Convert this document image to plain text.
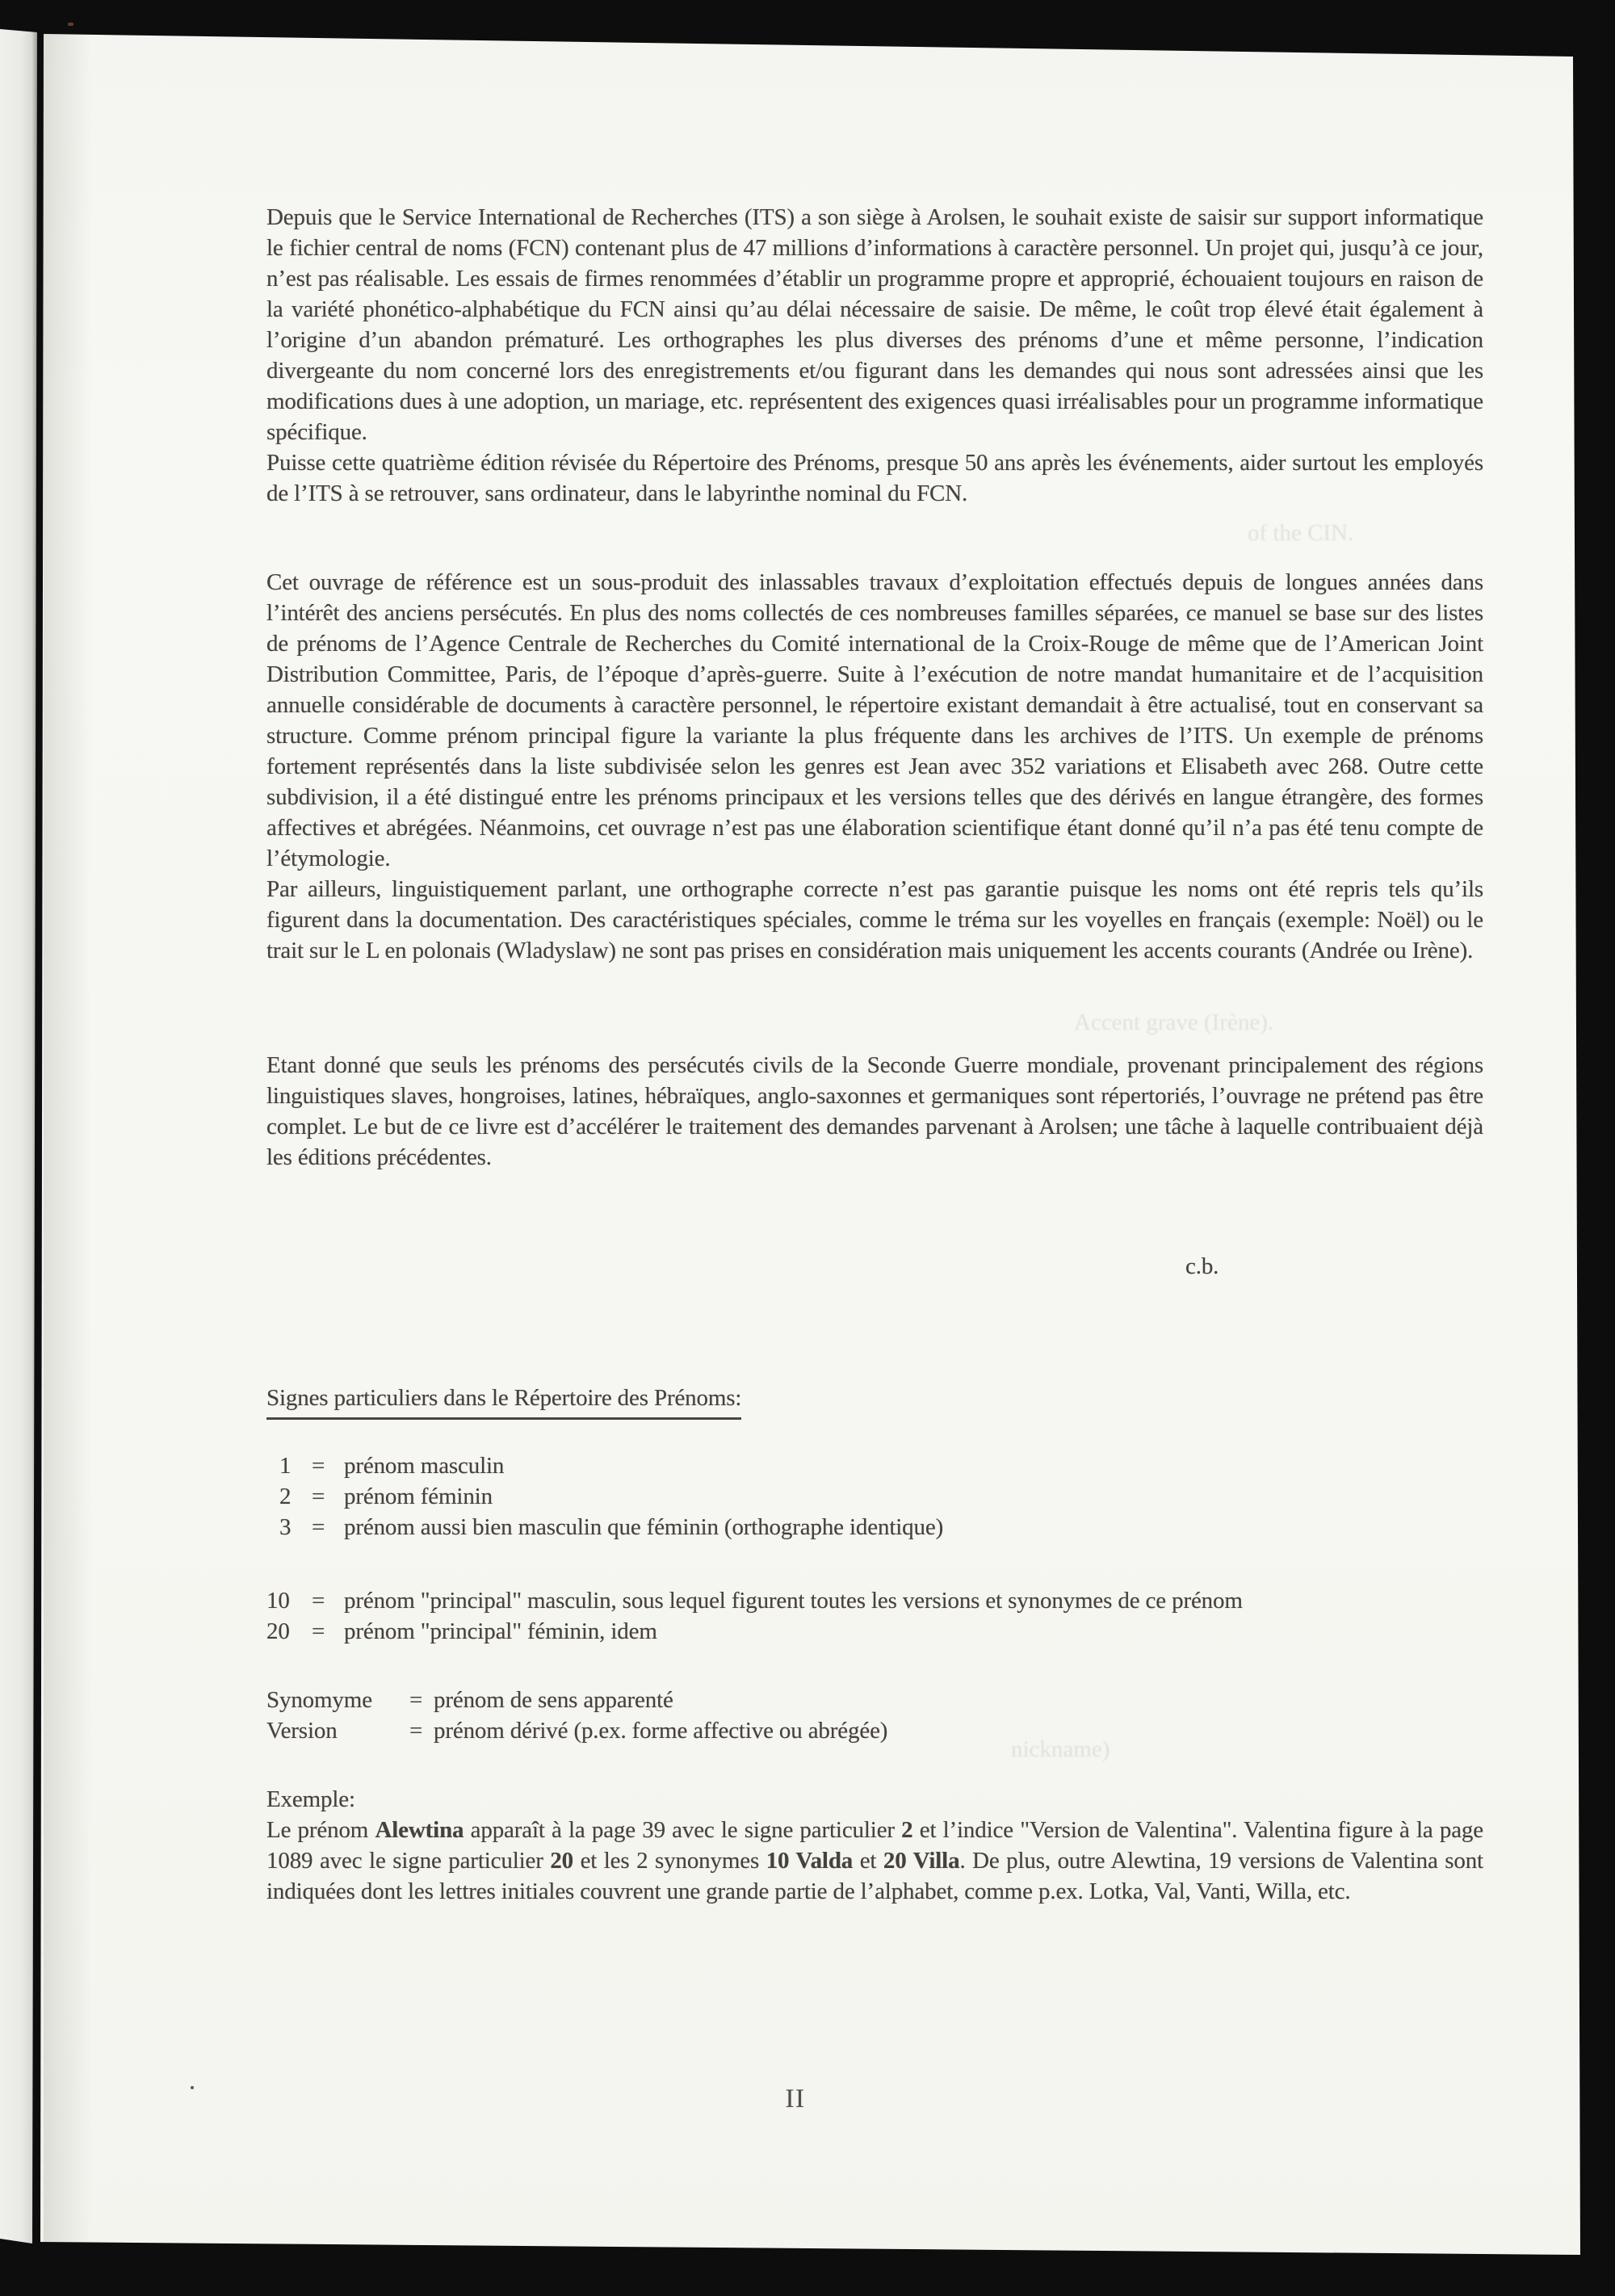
of the CIN.
Accent grave (Irène).
nickname)

Depuis que le Service International de Recherches (ITS) a son siège à Arolsen, le souhait existe de saisir sur support informatique le fichier central de noms (FCN) contenant plus de 47 millions d’informations à caractère personnel. Un projet qui, jusqu’à ce jour, n’est pas réalisable. Les essais de firmes renommées d’établir un programme propre et approprié, échouaient toujours en raison de la variété phonético-alphabétique du FCN ainsi qu’au délai nécessaire de saisie. De même, le coût trop élevé était également à l’origine d’un abandon prématuré. Les orthographes les plus diverses des prénoms d’une et même personne, l’indication divergeante du nom concerné lors des enregistrements et/ou figurant dans les demandes qui nous sont adressées ainsi que les modifications dues à une adoption, un mariage, etc. représentent des exigences quasi irréalisables pour un programme informatique spécifique.

Puisse cette quatrième édition révisée du Répertoire des Prénoms, presque 50 ans après les événements, aider surtout les employés de l’ITS à se retrouver, sans ordinateur, dans le labyrinthe nominal du FCN.

Cet ouvrage de référence est un sous-produit des inlassables travaux d’exploitation effectués depuis de longues années dans l’intérêt des anciens persécutés. En plus des noms collectés de ces nombreuses familles séparées, ce manuel se base sur des listes de prénoms de l’Agence Centrale de Recherches du Comité international de la Croix-Rouge de même que de l’American Joint Distribution Committee, Paris, de l’époque d’après-guerre. Suite à l’exécution de notre mandat humanitaire et de l’acquisition annuelle considérable de documents à caractère personnel, le répertoire existant demandait à être actualisé, tout en conservant sa structure. Comme prénom principal figure la variante la plus fréquente dans les archives de l’ITS. Un exemple de prénoms fortement représentés dans la liste subdivisée selon les genres est Jean avec 352 variations et Elisabeth avec 268. Outre cette subdivision, il a été distingué entre les prénoms principaux et les versions telles que des dérivés en langue étrangère, des formes affectives et abrégées. Néanmoins, cet ouvrage n’est pas une élaboration scientifique étant donné qu’il n’a pas été tenu compte de l’étymologie.

Par ailleurs, linguistiquement parlant, une orthographe correcte n’est pas garantie puisque les noms ont été repris tels qu’ils figurent dans la documentation. Des caractéristiques spéciales, comme le tréma sur les voyelles en français (exemple: Noël) ou le trait sur le L en polonais (Wladyslaw) ne sont pas prises en considération mais uniquement les accents courants (Andrée ou Irène).

Etant donné que seuls les prénoms des persécutés civils de la Seconde Guerre mondiale, provenant principalement des régions linguistiques slaves, hongroises, latines, hébraïques, anglo-saxonnes et germaniques sont répertoriés, l’ouvrage ne prétend pas être complet. Le but de ce livre est d’accélérer le traitement des demandes parvenant à Arolsen; une tâche à laquelle contribuaient déjà les éditions précédentes.

c.b.
Signes particuliers dans le Répertoire des Prénoms:
1 = prénom masculin
2 = prénom féminin
3 = prénom aussi bien masculin que féminin (orthographe identique)
10 = prénom "principal" masculin, sous lequel figurent toutes les versions et synonymes de ce prénom
20 = prénom "principal" féminin, idem
Synomyme	= prénom de sens apparenté
Version	= prénom dérivé (p.ex. forme affective ou abrégée)

Exemple:

Le prénom Alewtina apparaît à la page 39 avec le signe particulier 2 et l’indice "Version de Valentina". Valentina figure à la page 1089 avec le signe particulier 20 et les 2 synonymes 10 Valda et 20 Villa. De plus, outre Alewtina, 19 versions de Valentina sont indiquées dont les lettres initiales couvrent une grande partie de l’alphabet, comme p.ex. Lotka, Val, Vanti, Willa, etc.

II
